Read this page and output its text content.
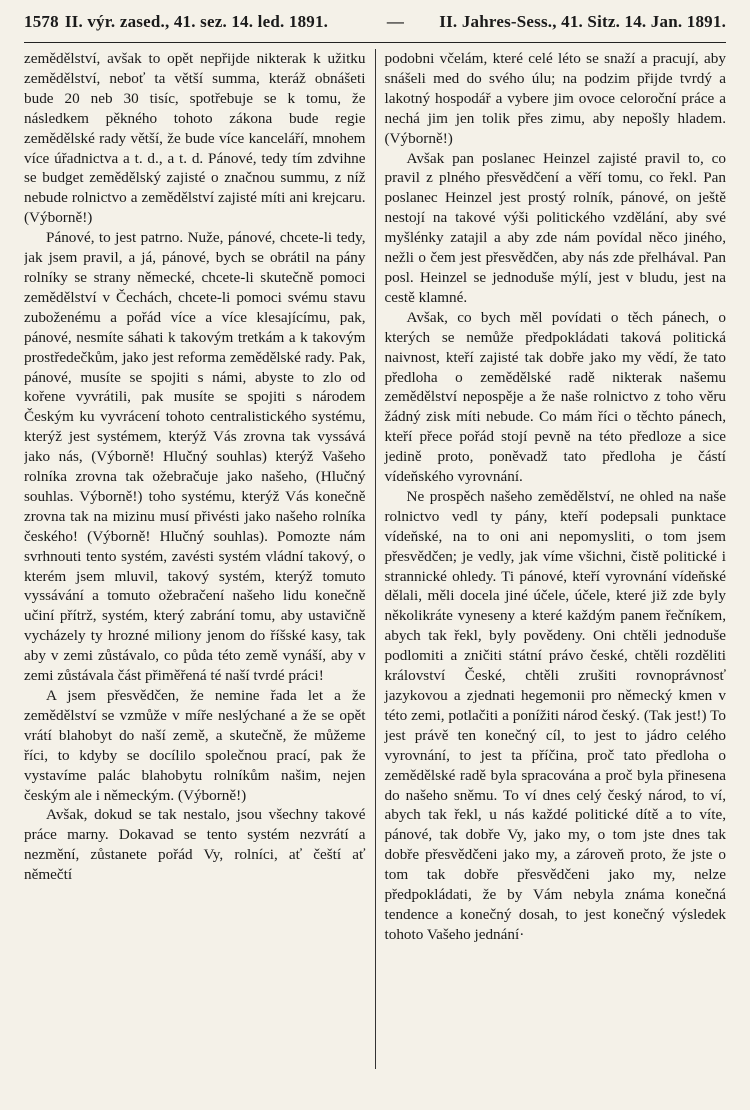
1578 II. výr. zased., 41. sez. 14. led. 1891.	—	II. Jahres-Sess., 41. Sitz. 14. Jan. 1891.

zemědělství, avšak to opět nepřijde nikterak k užitku zemědělství, neboť ta větší summa, kteráž obnášeti bude 20 neb 30 tisíc, spotřebuje se k tomu, že následkem pěkného tohoto zákona bude regie zemědělské rady větší, že bude více kanceláří, mnohem více úřadnictva a t. d., a t. d. Pánové, tedy tím zdvihne se budget zemědělský zajisté o značnou summu, z níž nebude rolnictvo a zemědělství zajisté míti ani krejcaru. (Výborně!)

Pánové, to jest patrno. Nuže, pánové, chcete-li tedy, jak jsem pravil, a já, pánové, bych se obrátil na pány rolníky se strany německé, chcete-li skutečně pomoci zemědělství v Čechách, chcete-li pomoci svému stavu zuboženému a pořád více a více klesajícímu, pak, pánové, nesmíte sáhati k takovým tretkám a k takovým prostředečkům, jako jest reforma zemědělské rady. Pak, pánové, musíte se spojiti s námi, abyste to zlo od kořene vyvrátili, pak musíte se spojiti s národem Českým ku vyvrácení tohoto centralistického systému, kterýž jest systémem, kterýž Vás zrovna tak vyssává jako nás, (Výborně! Hlučný souhlas) kterýž Vašeho rolníka zrovna tak ožebračuje jako našeho, (Hlučný souhlas. Výborně!) toho systému, kterýž Vás konečně zrovna tak na mizinu musí přivésti jako našeho rolníka českého! (Výborně! Hlučný souhlas). Pomozte nám svrhnouti tento systém, zavésti systém vládní takový, o kterém jsem mluvil, takový systém, kterýž tomuto vyssávání a tomuto ožebračení našeho lidu konečně učiní přítrž, systém, který zabrání tomu, aby ustavičně vycházely ty hrozné miliony jenom do říšské kasy, tak aby v zemi zůstávalo, co půda této země vynáší, aby v zemi zůstávala část přiměřená té naší tvrdé práci!

A jsem přesvědčen, že nemine řada let a že zemědělství se vzmůže v míře neslýchané a že se opět vrátí blahobyt do naší země, a skutečně, že můžeme říci, to kdyby se docílilo společnou prací, pak že vystavíme palác blahobytu rolníkům našim, nejen českým ale i německým. (Výborně!)

Avšak, dokud se tak nestalo, jsou všechny takové práce marny. Dokavad se tento systém nezvrátí a nezmění, zůstanete pořád Vy, rolníci, ať čeští ať němečtí

podobni včelám, které celé léto se snaží a pracují, aby snášeli med do svého úlu; na podzim přijde tvrdý a lakotný hospodář a vybere jim ovoce celoroční práce a nechá jim jen tolik přes zimu, aby nepošly hladem. (Výborně!)

Avšak pan poslanec Heinzel zajisté pravil to, co pravil z plného přesvědčení a věří tomu, co řekl. Pan poslanec Heinzel jest prostý rolník, pánové, on ještě nestojí na takové výši politického vzdělání, aby své myšlénky zatajil a aby zde nám povídal něco jiného, nežli o čem jest přesvědčen, aby nás zde přelhával. Pan posl. Heinzel se jednoduše mýlí, jest v bludu, jest na cestě klamné.

Avšak, co bych měl povídati o těch pánech, o kterých se nemůže předpokládati taková politická naivnost, kteří zajisté tak dobře jako my vědí, že tato předloha o zemědělské radě nikterak našemu zemědělství nepospěje a že naše rolnictvo z toho věru žádný zisk míti nebude. Co mám říci o těchto pánech, kteří přece pořád stojí pevně na této předloze a sice jedině proto, poněvadž tato předloha je částí vídeňského vyrovnání.

Ne prospěch našeho zemědělství, ne ohled na naše rolnictvo vedl ty pány, kteří podepsali punktace vídeňské, na to oni ani nepomysliti, o tom jsem přesvědčen; je vedly, jak víme všichni, čistě politické i strannické ohledy. Ti pánové, kteří vyrovnání vídeňské dělali, měli docela jiné účele, účele, které již zde byly několikráte vyneseny a které každým panem řečníkem, abych tak řekl, byly povědeny. Oni chtěli jednoduše podlomiti a zničiti státní právo české, chtěli rozděliti království České, chtěli zrušiti rovnoprávnosť jazykovou a zjednati hegemonii pro německý kmen v této zemi, potlačiti a ponížiti národ český. (Tak jest!) To jest právě ten konečný cíl, to jest to jádro celého vyrovnání, to jest ta příčina, proč tato předloha o zemědělské radě byla spracována a proč byla přinesena do našeho sněmu. To ví dnes celý český národ, to ví, abych tak řekl, u nás každé politické dítě a to víte, pánové, tak dobře Vy, jako my, o tom jste dnes tak dobře přesvědčeni jako my, a zároveň proto, že jste o tom tak dobře přesvědčeni jako my, nelze předpokládati, že by Vám nebyla známa konečná tendence a konečný dosah, to jest konečný výsledek tohoto Vašeho jednání·
